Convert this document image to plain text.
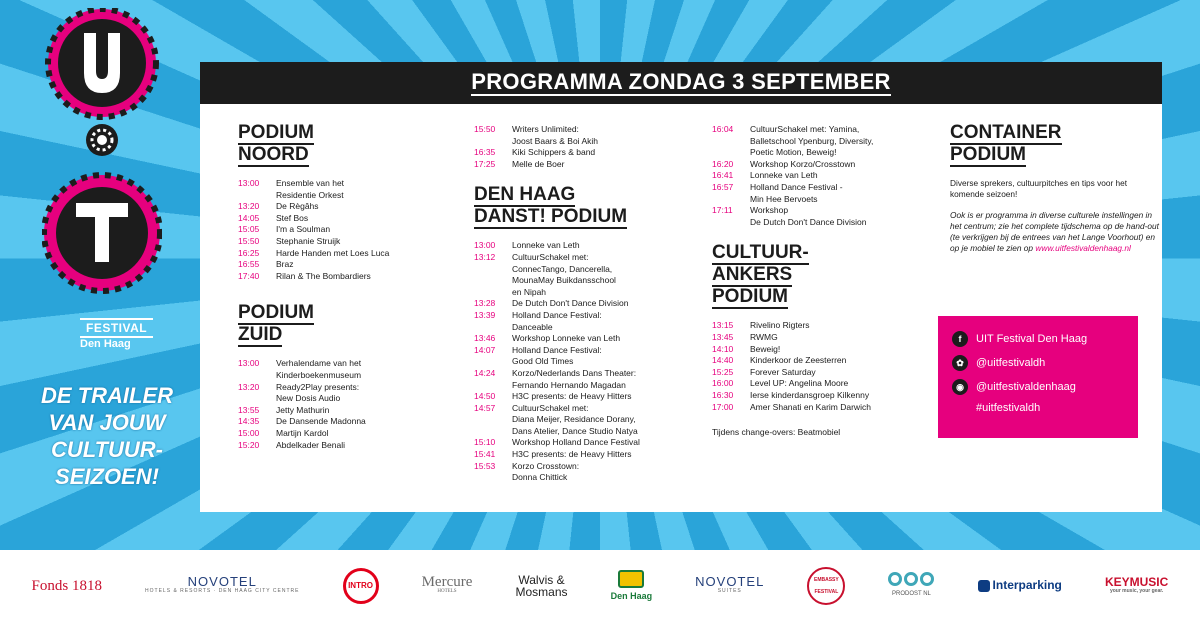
FESTIVAL
Den Haag
DE TRAILER
VAN JOUW
CULTUUR-
SEIZOEN!
PROGRAMMA ZONDAG 3 SEPTEMBER
PODIUM
NOORD
13:00	Ensemble van het
Residentie Orkest
13:20	De Règâhs
14:05	Stef Bos
15:05	I'm a Soulman
15:50	Stephanie Struijk
16:25	Harde Handen met Loes Luca
16:55	Braz
17:40	Rilan & The Bombardiers
PODIUM
ZUID
13:00	Verhalendame van het
Kinderboekenmuseum
13:20	Ready2Play presents:
New Dosis Audio
13:55	Jetty Mathurin
14:35	De Dansende Madonna
15:00	Martijn Kardol
15:20	Abdelkader Benali
15:50	Writers Unlimited:
Joost Baars & Boi Akih
16:35	Kiki Schippers & band
17:25	Melle de Boer
DEN HAAG
DANST! PODIUM
13:00	Lonneke van Leth
13:12	CultuurSchakel met:
ConnecTango, Dancerella,
MounaMay Buikdansschool
en Nipah
13:28	De Dutch Don't Dance Division
13:39	Holland Dance Festival:
Danceable
13:46	Workshop Lonneke van Leth
14:07	Holland Dance Festival:
Good Old Times
14:24	Korzo/Nederlands Dans Theater:
Fernando Hernando Magadan
14:50	H3C presents: de Heavy Hitters
14:57	CultuurSchakel met:
Diana Meijer, Residance Dorany,
Dans Atelier, Dance Studio Natya
15:10	Workshop Holland Dance Festival
15:41	H3C presents: de Heavy Hitters
15:53	Korzo Crosstown:
Donna Chittick
16:04	CultuurSchakel met: Yamina,
Balletschool Ypenburg, Diversity,
Poetic Motion, Beweig!
16:20	Workshop Korzo/Crosstown
16:41	Lonneke van Leth
16:57	Holland Dance Festival -
Min Hee Bervoets
17:11	Workshop
De Dutch Don't Dance Division
CULTUUR-
ANKERS
PODIUM
13:15	Rivelino Rigters
13:45	RWMG
14:10	Beweig!
14:40	Kinderkoor de Zeesterren
15:25	Forever Saturday
16:00	Level UP: Angelina Moore
16:30	Ierse kinderdansgroep Kilkenny
17:00	Amer Shanati en Karim Darwich
Tijdens change-overs: Beatmobiel
CONTAINER
PODIUM
Diverse sprekers, cultuurpitches en tips voor het komende seizoen!
Ook is er programma in diverse culturele instellingen in het centrum; zie het complete tijdschema op de hand-out (te verkrijgen bij de entrees van het Lange Voorhout) en op je mobiel te zien op www.uitfestivaldenhaag.nl
f	UIT Festival Den Haag
✿	@uitfestivaldh
◉	@uitfestivaldenhaag
#uitfestivaldh
Fonds 1818	NOVOTEL
HOTELS & RESORTS · DEN HAAG CITY CENTRE
INTRO	Mercure
HOTELS
Walvis &
Mosmans	Den Haag
NOVOTEL
SUITES
EMBASSY FESTIVAL	PRODOST NL
Interparking	KEYMUSIC
your music, your gear.
